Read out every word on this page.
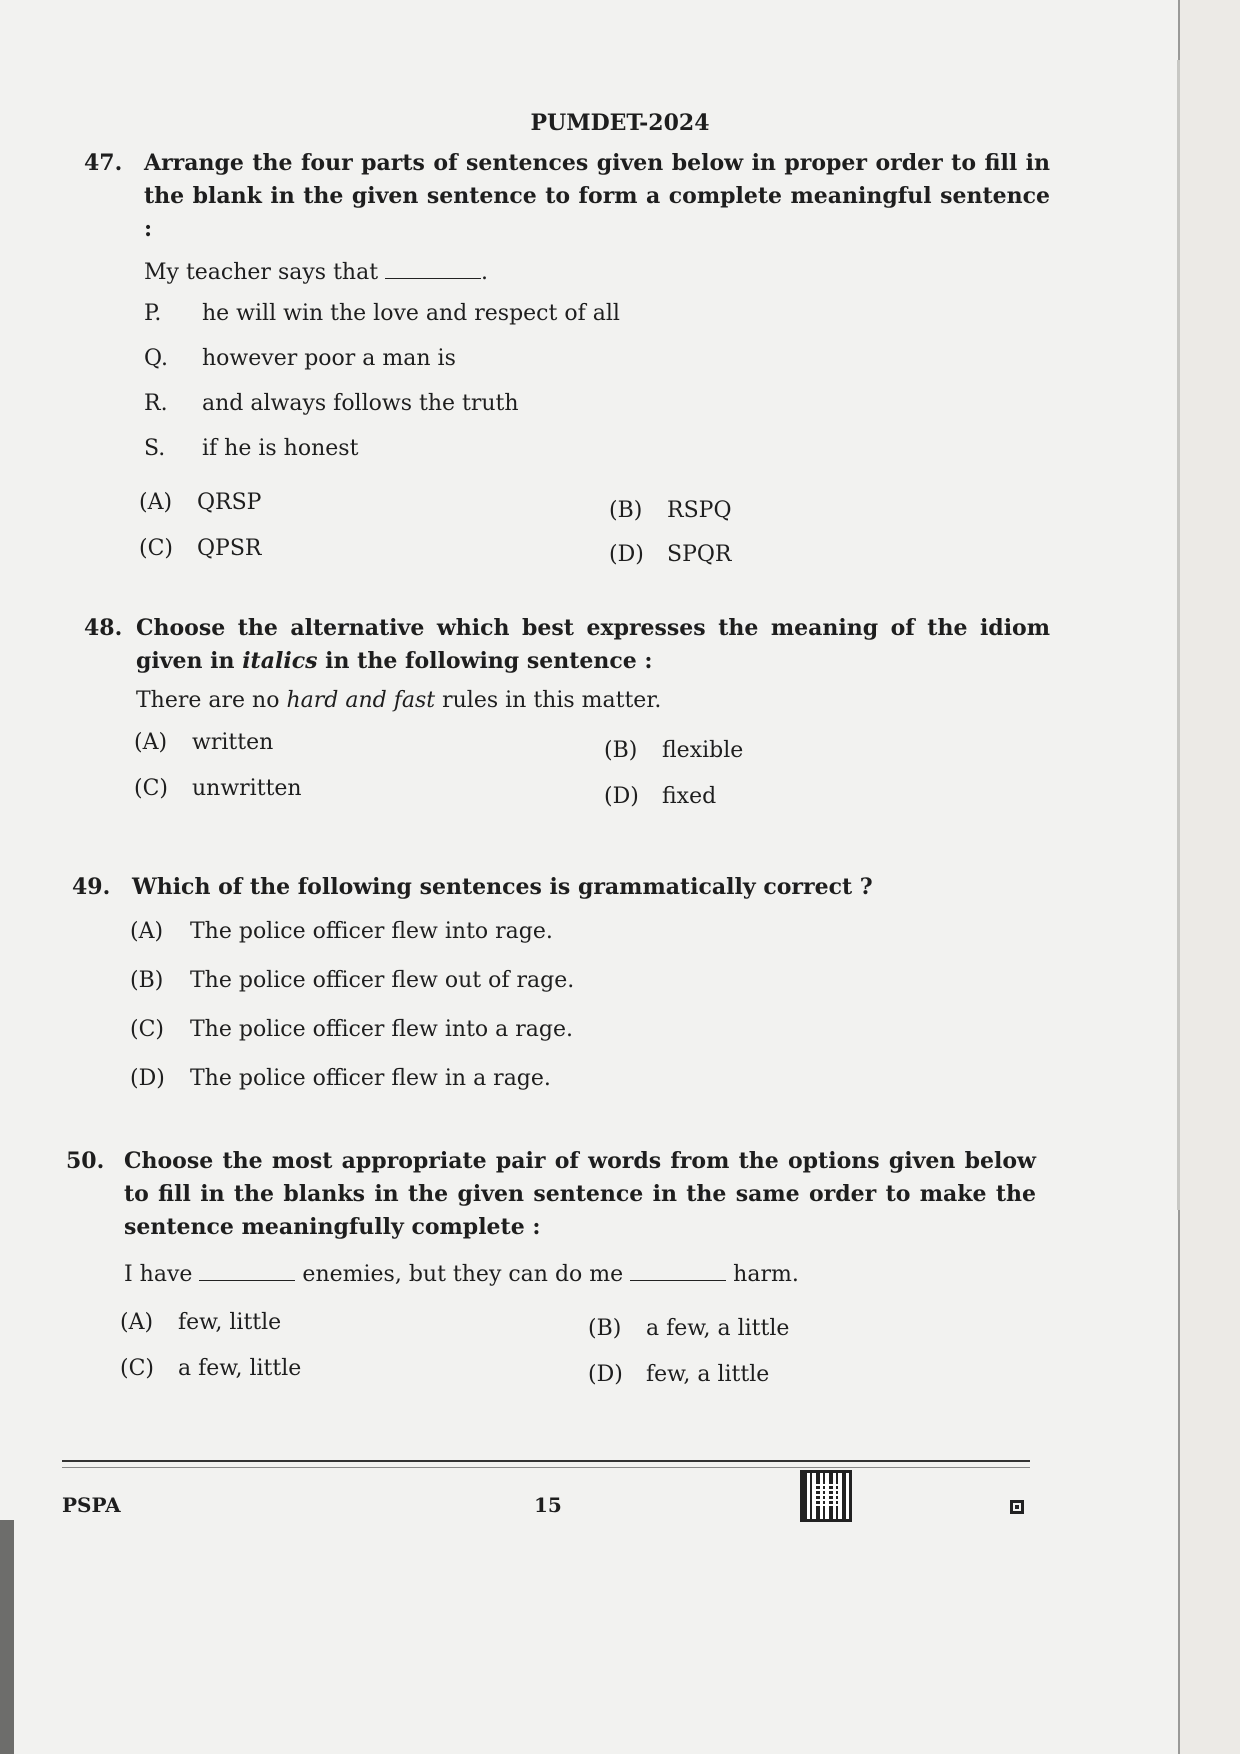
PUMDET-2024
47. Arrange the four parts of sentences given below in proper order to fill in the blank in the given sentence to form a complete meaningful sentence :
My teacher says that	.
P. he will win the love and respect of all
Q. however poor a man is
R. and always follows the truth
S. if he is honest
(A) QRSP	(B) RSPQ
(C) QPSR	(D) SPQR
48. Choose the alternative which best expresses the meaning of the idiom given in italics in the following sentence :
There are no hard and fast rules in this matter.
(A) written	(B) flexible
(C) unwritten	(D) fixed
49. Which of the following sentences is grammatically correct ?
(A) The police officer flew into rage.
(B) The police officer flew out of rage.
(C) The police officer flew into a rage.
(D) The police officer flew in a rage.
50. Choose the most appropriate pair of words from the options given below to fill in the blanks in the given sentence in the same order to make the sentence meaningfully complete :
I have	enemies, but they can do me	harm.
(A) few, little	(B) a few, a little
(C) a few, little	(D) few, a little
PSPA	15
